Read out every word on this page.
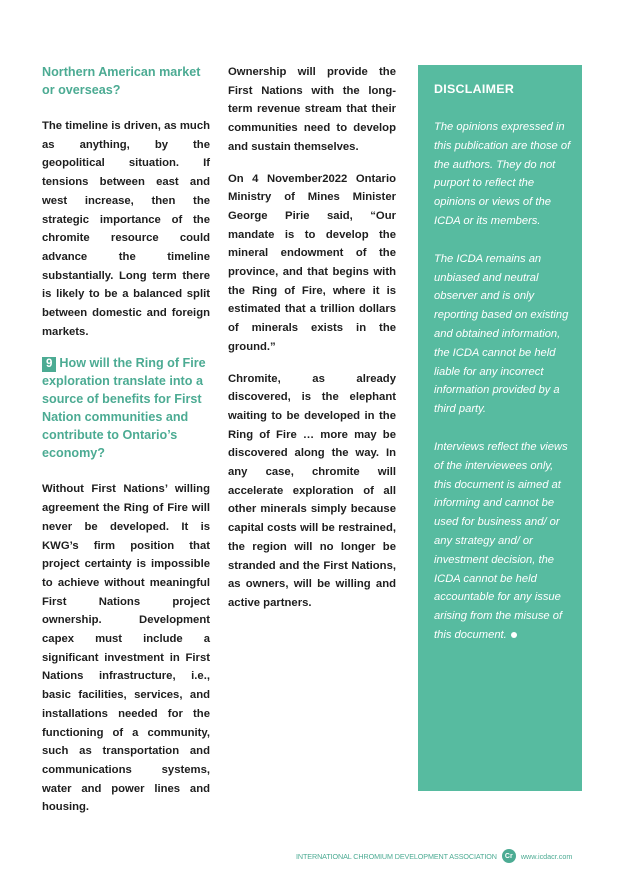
Northern American market or overseas?

The timeline is driven, as much as anything, by the geopolitical situation. If tensions between east and west increase, then the strategic importance of the chromite resource could advance the timeline substantially. Long term there is likely to be a balanced split between domestic and foreign markets.

9 How will the Ring of Fire exploration translate into a source of benefits for First Nation communities and contribute to Ontario’s economy?

Without First Nations’ willing agreement the Ring of Fire will never be developed. It is KWG’s firm position that project certainty is impossible to achieve without meaningful First Nations project ownership. Development capex must include a significant investment in First Nations infrastructure, i.e., basic facilities, services, and installations needed for the functioning of a community, such as transportation and communications systems, water and power lines and housing.

Ownership will provide the First Nations with the long-term revenue stream that their communities need to develop and sustain themselves.

On 4 November2022 Ontario Ministry of Mines Minister George Pirie said, “Our mandate is to develop the mineral endowment of the province, and that begins with the Ring of Fire, where it is estimated that a trillion dollars of minerals exists in the ground.”

Chromite, as already discovered, is the elephant waiting to be developed in the Ring of Fire … more may be discovered along the way. In any case, chromite will accelerate exploration of all other minerals simply because capital costs will be restrained, the region will no longer be stranded and the First Nations, as owners, will be willing and active partners.

DISCLAIMER

The opinions expressed in this publication are those of the authors. They do not purport to reflect the opinions or views of the ICDA or its members.

The ICDA remains an unbiased and neutral observer and is only reporting based on existing and obtained information, the ICDA cannot be held liable for any incorrect information provided by a third party.

Interviews reflect the views of the interviewees only, this document is aimed at informing and cannot be used for business and/ or any strategy and/ or investment decision, the ICDA cannot be held accountable for any issue arising from the misuse of this document.

INTERNATIONAL CHROMIUM DEVELOPMENT ASSOCIATION	Cr	www.icdacr.com
